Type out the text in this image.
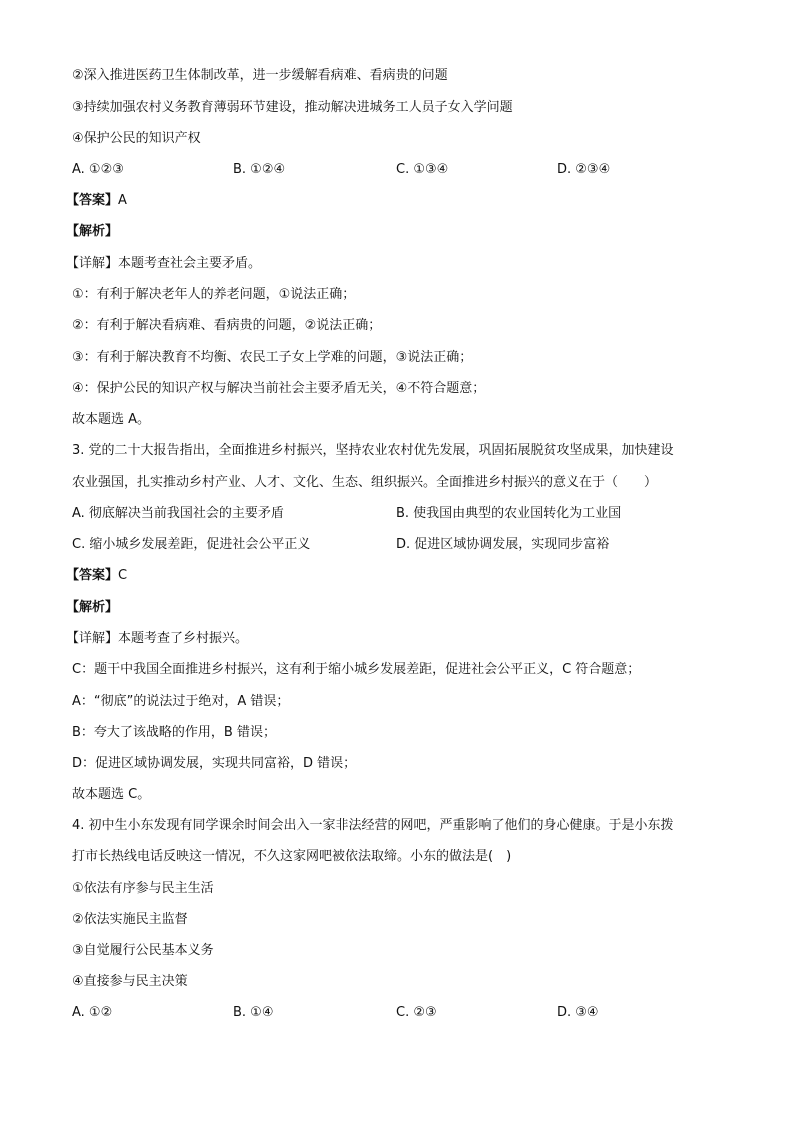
②深入推进医药卫生体制改革，进一步缓解看病难、看病贵的问题
③持续加强农村义务教育薄弱环节建设，推动解决进城务工人员子女入学问题
④保护公民的知识产权
A. ①②③	B. ①②④	C. ①③④	D. ②③④
【答案】A
【解析】
【详解】本题考查社会主要矛盾。
①：有利于解决老年人的养老问题，①说法正确；
②：有利于解决看病难、看病贵的问题，②说法正确；
③：有利于解决教育不均衡、农民工子女上学难的问题，③说法正确；
④：保护公民的知识产权与解决当前社会主要矛盾无关，④不符合题意；
故本题选 A。
3. 党的二十大报告指出，全面推进乡村振兴，坚持农业农村优先发展，巩固拓展脱贫攻坚成果，加快建设
农业强国，扎实推动乡村产业、人才、文化、生态、组织振兴。全面推进乡村振兴的意义在于（　　）
A. 彻底解决当前我国社会的主要矛盾	B. 使我国由典型的农业国转化为工业国
C. 缩小城乡发展差距，促进社会公平正义	D. 促进区域协调发展，实现同步富裕
【答案】C
【解析】
【详解】本题考查了乡村振兴。
C：题干中我国全面推进乡村振兴，这有利于缩小城乡发展差距，促进社会公平正义，C 符合题意；
A：“彻底”的说法过于绝对，A 错误；
B：夸大了该战略的作用，B 错误；
D：促进区域协调发展，实现共同富裕，D 错误；
故本题选 C。
4. 初中生小东发现有同学课余时间会出入一家非法经营的网吧，严重影响了他们的身心健康。于是小东拨
打市长热线电话反映这一情况，不久这家网吧被依法取缔。小东的做法是(　)
①依法有序参与民主生活
②依法实施民主监督
③自觉履行公民基本义务
④直接参与民主决策
A. ①②	B. ①④	C. ②③	D. ③④
